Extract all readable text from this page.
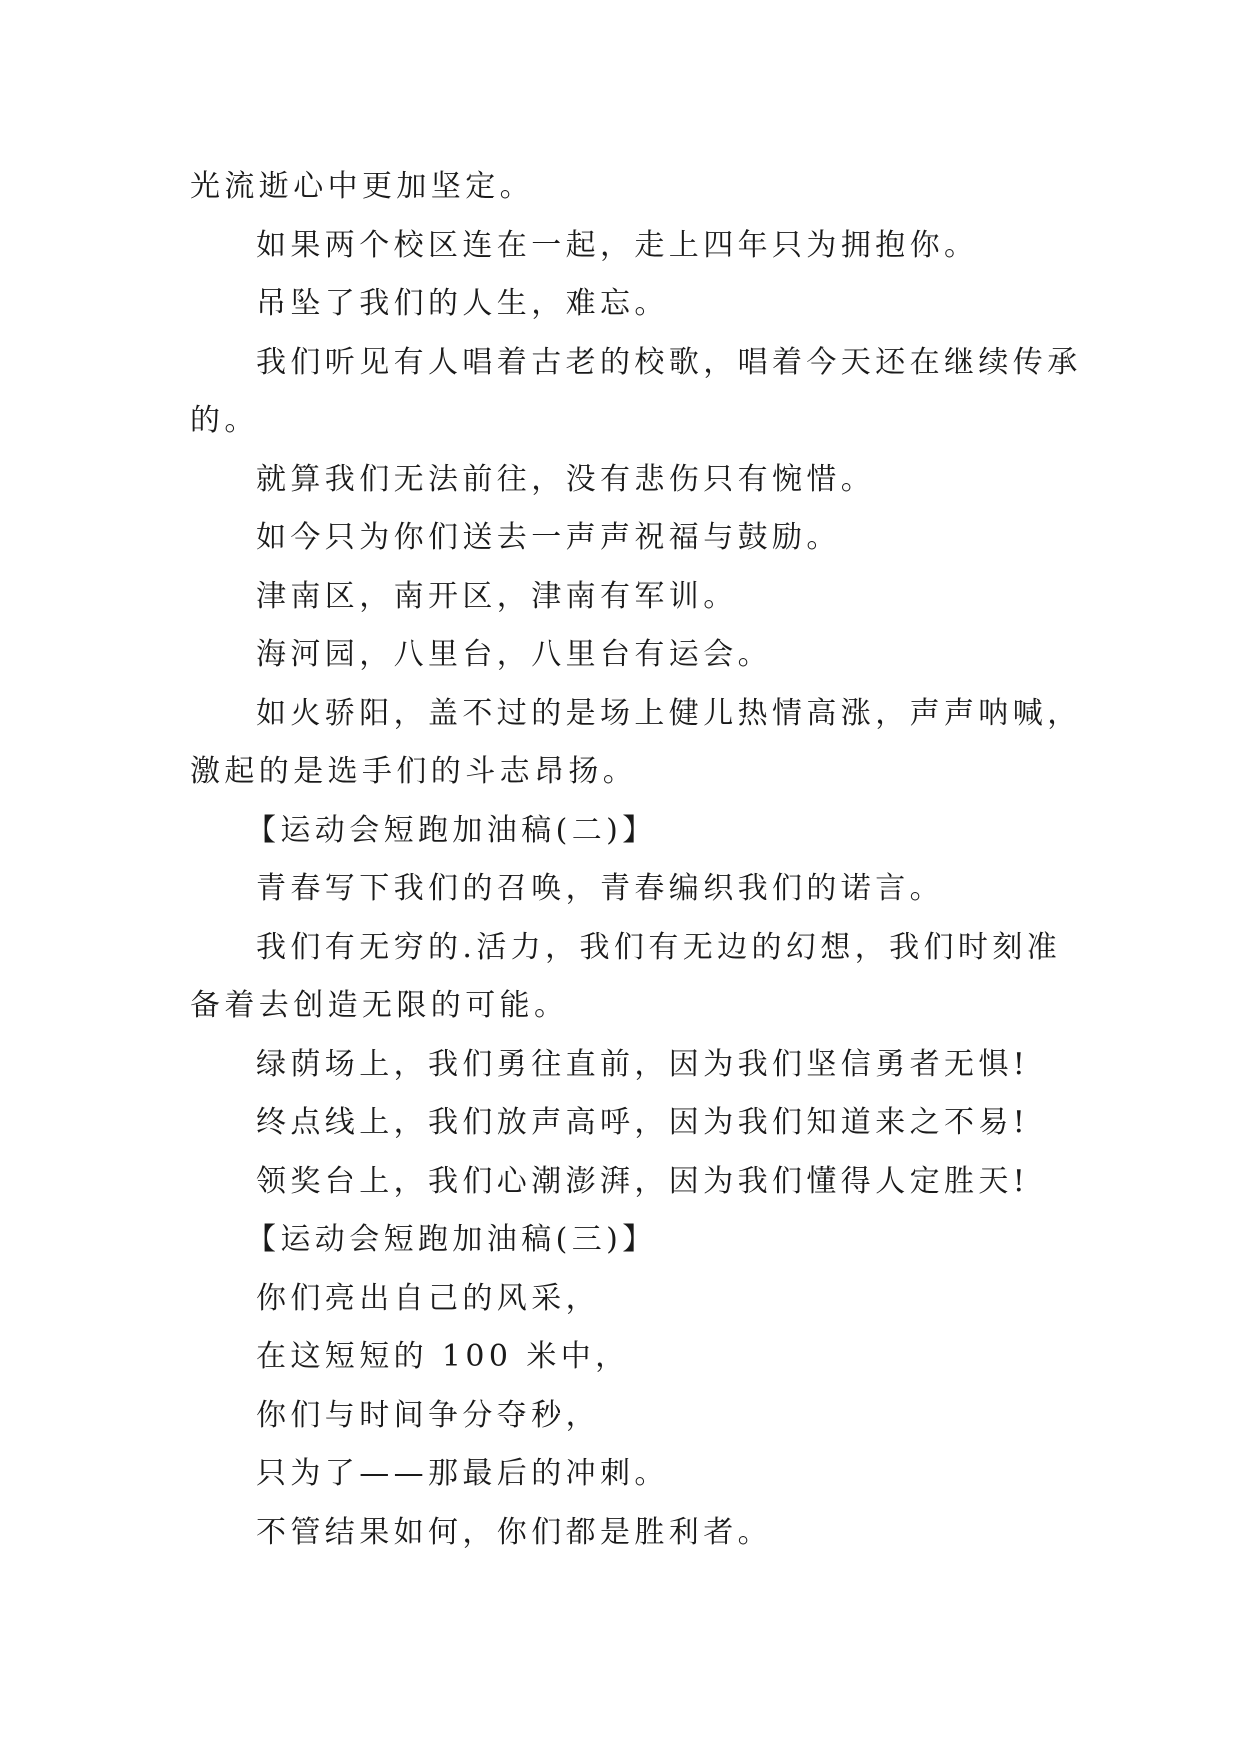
光流逝心中更加坚定。

如果两个校区连在一起，走上四年只为拥抱你。

吊坠了我们的人生，难忘。

我们听见有人唱着古老的校歌，唱着今天还在继续传承

的。

就算我们无法前往，没有悲伤只有惋惜。

如今只为你们送去一声声祝福与鼓励。

津南区，南开区，津南有军训。

海河园，八里台，八里台有运会。

如火骄阳，盖不过的是场上健儿热情高涨，声声呐喊，

激起的是选手们的斗志昂扬。

【运动会短跑加油稿(二)】

青春写下我们的召唤，青春编织我们的诺言。

我们有无穷的.活力，我们有无边的幻想，我们时刻准

备着去创造无限的可能。

绿荫场上，我们勇往直前，因为我们坚信勇者无惧!

终点线上，我们放声高呼，因为我们知道来之不易!

领奖台上，我们心潮澎湃，因为我们懂得人定胜天!

【运动会短跑加油稿(三)】

你们亮出自己的风采，

在这短短的 100 米中，

你们与时间争分夺秒，

只为了——那最后的冲刺。

不管结果如何，你们都是胜利者。
